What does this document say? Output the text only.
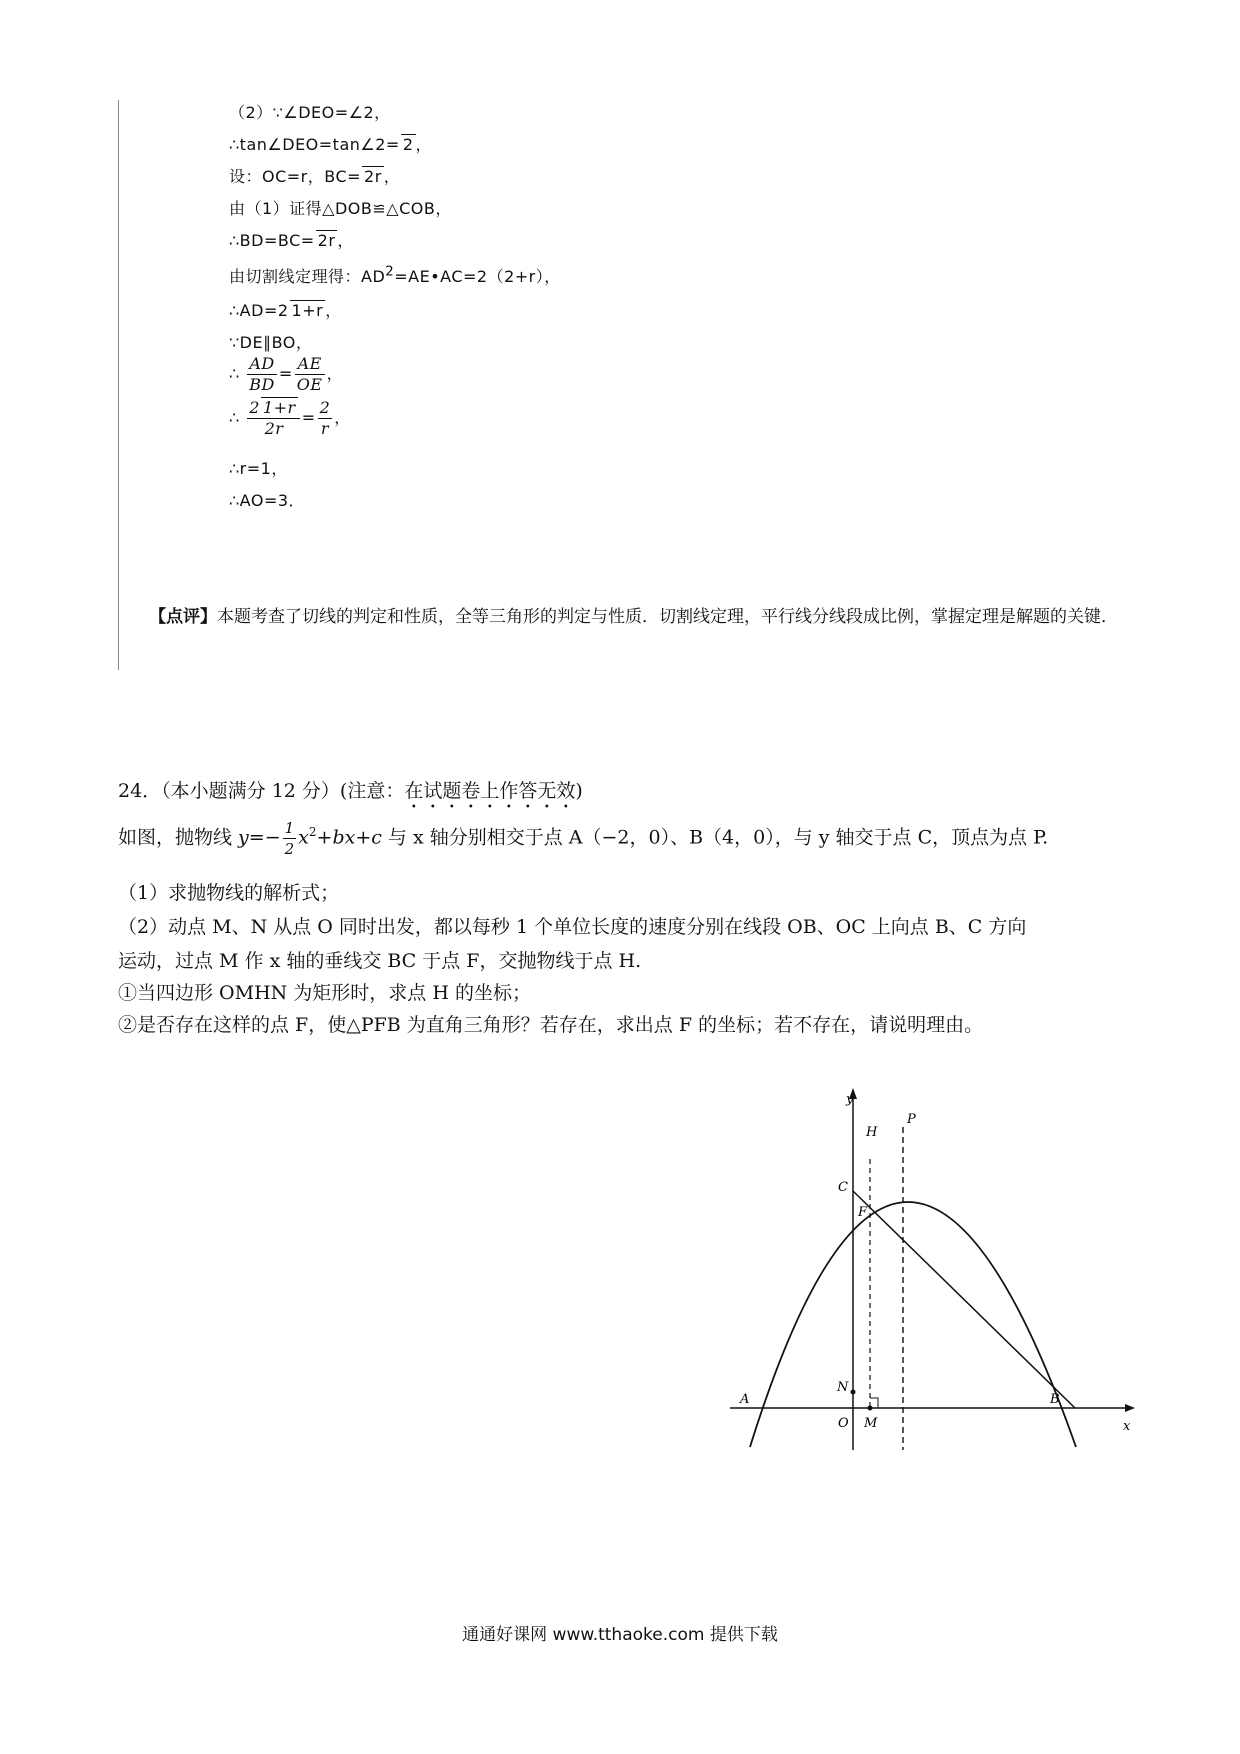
（2）∵∠DEO=∠2，
∴tan∠DEO=tan∠2= 2 ，
设：OC=r，BC= 2r ，
由（1）证得△DOB≌△COB，
∴BD=BC= 2r ，
由切割线定理得：$AD^2=AE•AC=2(2+r)$，
∴AD=2 1+r ，
∵DE∥BO，
∴ $\frac{AD}{BD} = \frac{AE}{OE}$ ，
∴ $\frac{2 1+r}{2r} = \frac{2}{r}$ ，
∴r=1，
∴AO=3．
【点评】本题考查了切线的判定和性质，全等三角形的判定与性质．切割线定理，平行线分线段成比例，掌握定理是解题的关键．
24．（本小题满分 12 分）(注意：在试题卷上作答无效)
如图，抛物线 $y=- \frac{1}{2} x^2+bx+c$ 与 x 轴分别相交于点 A（−2，0）、B（4，0），与 y 轴交于点 C，顶点为点 P.
（1）求抛物线的解析式；
（2）动点 M、N 从点 O 同时出发，都以每秒 1 个单位长度的速度分别在线段 OB、OC 上向点 B、C 方向
运动，过点 M 作 x 轴的垂线交 BC 于点 F，交抛物线于点 H.
①当四边形 OMHN 为矩形时，求点 H 的坐标；
②是否存在这样的点 F，使△PFB 为直角三角形？若存在，求出点 F 的坐标；若不存在，请说明理由。
y
x
O
A	B
C
P
H
F
N
M
通通好课网 www.tthaoke.com 提供下载
